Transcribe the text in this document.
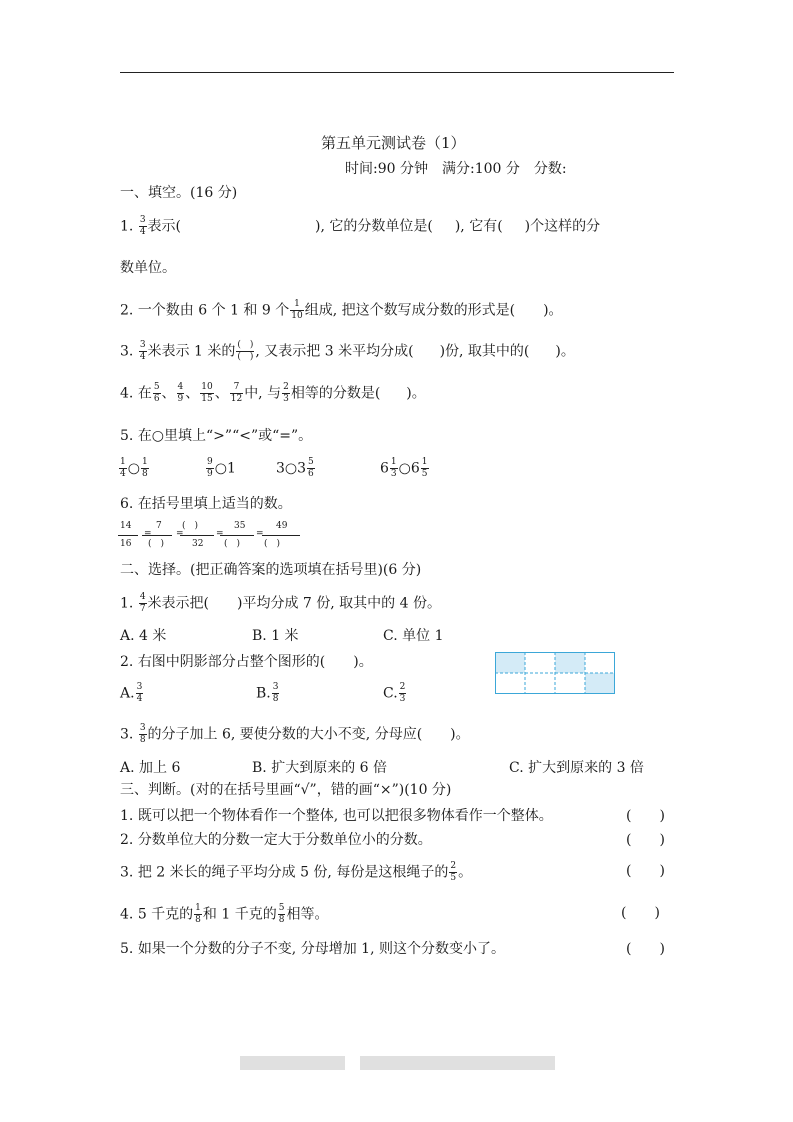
第五单元测试卷（1）
时间:90 分钟　满分:100 分　分数:
一、填空。(16 分)
1. $\frac{3}{4}$ 表示(	), 它的分数单位是( ), 它有( )个这样的分
数单位。
2. 一个数由 6 个 1 和 9 个 $\frac{1}{10}$ 组成, 把这个数写成分数的形式是( )。
3. $\frac{3}{4}$ 米表示 1 米的 $\frac{( )}{( )}$ , 又表示把 3 米平均分成( )份, 取其中的( )。
4. 在 $\frac{5}{6}$ 、 $\frac{4}{9}$ 、 $\frac{10}{15}$ 、 $\frac{7}{12}$ 中, 与 $\frac{2}{3}$ 相等的分数是( )。
5. 在○里填上“>”“<”或“=”。
$\frac{1}{4}$ ○ $\frac{1}{8}$	$\frac{9}{9}$ ○1	3○3 $\frac{5}{6}$	$6 \frac{1}{3}$ ○6 $\frac{1}{5}$
6. 在括号里填上适当的数。
14
16
=
7
(　)
=
(　)
32
=
35
(　)
=
49
(　)
二、选择。(把正确答案的选项填在括号里)(6 分)
1. $\frac{4}{7}$ 米表示把( )平均分成 7 份, 取其中的 4 份。
A. 4 米	B. 1 米	C. 单位 1
2. 右图中阴影部分占整个图形的( )。
A. $\frac{3}{4}$	B. $\frac{3}{8}$	C. $\frac{2}{3}$
3. $\frac{3}{8}$ 的分子加上 6, 要使分数的大小不变, 分母应( )。
A. 加上 6	B. 扩大到原来的 6 倍	C. 扩大到原来的 3 倍
三、判断。(对的在括号里画“√”，错的画“×”)(10 分)
1. 既可以把一个物体看作一个整体, 也可以把很多物体看作一个整体。	(　　)
2. 分数单位大的分数一定大于分数单位小的分数。	(　　)
3. 把 2 米长的绳子平均分成 5 份, 每份是这根绳子的 $\frac{2}{5}$ 。	(　　)
4. 5 千克的 $\frac{1}{8}$ 和 1 千克的 $\frac{5}{8}$ 相等。	(　　)
5. 如果一个分数的分子不变, 分母增加 1, 则这个分数变小了。	(　　)
